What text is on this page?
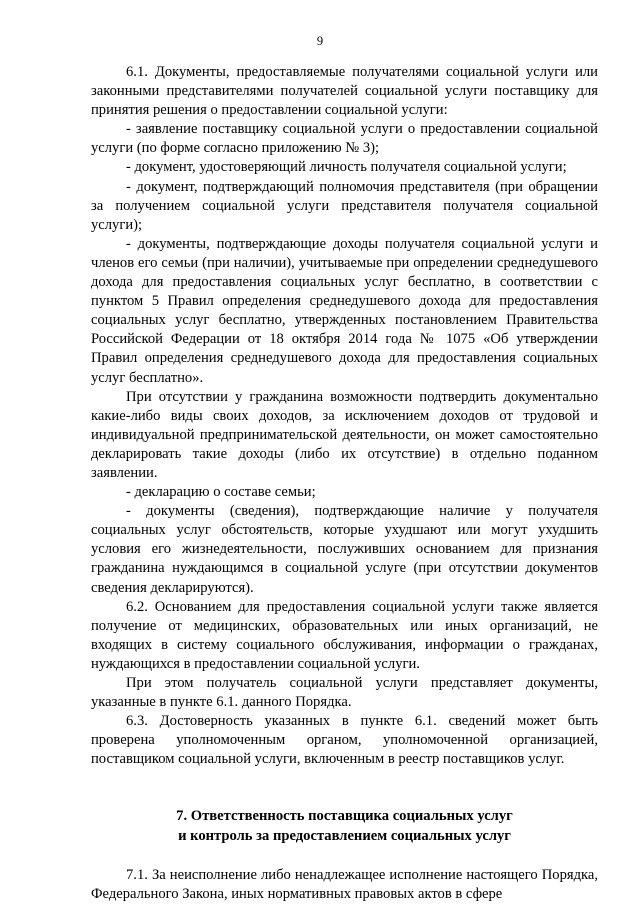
9

6.1. Документы, предоставляемые получателями социальной услуги или законными представителями получателей социальной услуги поставщику для принятия решения о предоставлении социальной услуги:

- заявление поставщику социальной услуги о предоставлении социальной услуги (по форме согласно приложению № 3);

- документ, удостоверяющий личность получателя социальной услуги;

- документ, подтверждающий полномочия представителя (при обращении за получением социальной услуги представителя получателя социальной услуги);

- документы, подтверждающие доходы получателя социальной услуги и членов его семьи (при наличии), учитываемые при определении среднедушевого дохода для предоставления социальных услуг бесплатно, в соответствии с пунктом 5 Правил определения среднедушевого дохода для предоставления социальных услуг бесплатно, утвержденных постановлением Правительства Российской Федерации от 18 октября 2014 года № 1075 «Об утверждении Правил определения среднедушевого дохода для предоставления социальных услуг бесплатно».

При отсутствии у гражданина возможности подтвердить документально какие-либо виды своих доходов, за исключением доходов от трудовой и индивидуальной предпринимательской деятельности, он может самостоятельно декларировать такие доходы (либо их отсутствие) в отдельно поданном заявлении.

- декларацию о составе семьи;

- документы (сведения), подтверждающие наличие у получателя социальных услуг обстоятельств, которые ухудшают или могут ухудшить условия его жизнедеятельности, послуживших основанием для признания гражданина нуждающимся в социальной услуге (при отсутствии документов сведения декларируются).

6.2. Основанием для предоставления социальной услуги также является получение от медицинских, образовательных или иных организаций, не входящих в систему социального обслуживания, информации о гражданах, нуждающихся в предоставлении социальной услуги.

При этом получатель социальной услуги представляет документы, указанные в пункте 6.1. данного Порядка.

6.3. Достоверность указанных в пункте 6.1. сведений может быть проверена уполномоченным органом, уполномоченной организацией, поставщиком социальной услуги, включенным в реестр поставщиков услуг.

7. Ответственность поставщика социальных услуг

и контроль за предоставлением социальных услуг

7.1. За неисполнение либо ненадлежащее исполнение настоящего Порядка, Федерального Закона, иных нормативных правовых актов в сфере
